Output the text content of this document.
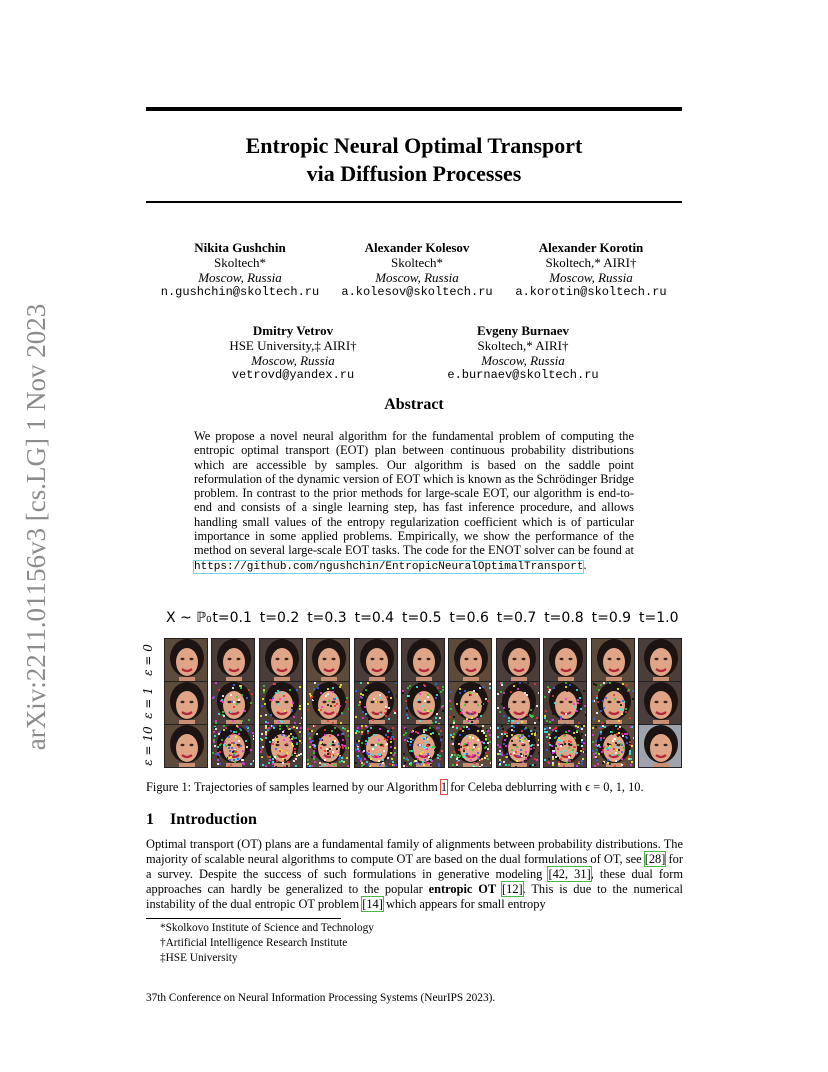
arXiv:2211.01156v3 [cs.LG] 1 Nov 2023
Entropic Neural Optimal Transport
via Diffusion Processes
Nikita Gushchin
Skoltech*
Moscow, Russia
n.gushchin@skoltech.ru
Alexander Kolesov
Skoltech*
Moscow, Russia
a.kolesov@skoltech.ru
Alexander Korotin
Skoltech,* AIRI†
Moscow, Russia
a.korotin@skoltech.ru
Dmitry Vetrov
HSE University,‡ AIRI†
Moscow, Russia
vetrovd@yandex.ru
Evgeny Burnaev
Skoltech,* AIRI†
Moscow, Russia
e.burnaev@skoltech.ru
Abstract
We propose a novel neural algorithm for the fundamental problem of computing the entropic optimal transport (EOT) plan between continuous probability distributions which are accessible by samples. Our algorithm is based on the saddle point reformulation of the dynamic version of EOT which is known as the Schrödinger Bridge problem. In contrast to the prior methods for large-scale EOT, our algorithm is end-to-end and consists of a single learning step, has fast inference procedure, and allows handling small values of the entropy regularization coefficient which is of particular importance in some applied problems. Empirically, we show the performance of the method on several large-scale EOT tasks. The code for the ENOT solver can be found at https://github.com/ngushchin/EntropicNeuralOptimalTransport.
X ~ ℙ₀ t=0.1 t=0.2 t=0.3 t=0.4 t=0.5 t=0.6 t=0.7 t=0.8 t=0.9 t=1.0
ε = 0
ε = 1
ε = 10
Figure 1: Trajectories of samples learned by our Algorithm 1 for Celeba deblurring with ϵ = 0, 1, 10.
1 Introduction
Optimal transport (OT) plans are a fundamental family of alignments between probability distributions. The majority of scalable neural algorithms to compute OT are based on the dual formulations of OT, see [28] for a survey. Despite the success of such formulations in generative modeling [42, 31], these dual form approaches can hardly be generalized to the popular entropic OT [12]. This is due to the numerical instability of the dual entropic OT problem [14] which appears for small entropy
*Skolkovo Institute of Science and Technology
†Artificial Intelligence Research Institute
‡HSE University
37th Conference on Neural Information Processing Systems (NeurIPS 2023).
